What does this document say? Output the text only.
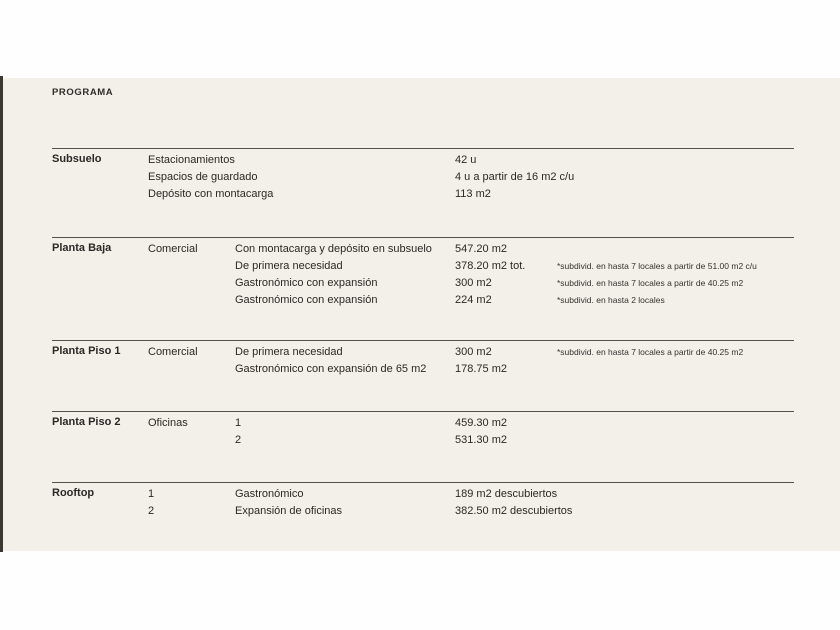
PROGRAMA
Subsuelo	Estacionamientos	42 u
Espacios de guardado	4 u a partir de 16 m2 c/u
Depósito con montacarga	113 m2
Planta Baja	Comercial	Con montacarga y depósito en subsuelo	547.20 m2
De primera necesidad	378.20 m2 tot.	*subdivid. en hasta 7 locales a partir de 51.00 m2 c/u
Gastronómico con expansión	300 m2	*subdivid. en hasta 7 locales a partir de 40.25 m2
Gastronómico con expansión	224 m2	*subdivid. en hasta 2 locales
Planta Piso 1	Comercial	De primera necesidad	300 m2	*subdivid. en hasta 7 locales a partir de 40.25 m2
Gastronómico con expansión de 65 m2	178.75 m2
Planta Piso 2	Oficinas	1	459.30 m2
2	531.30 m2
Rooftop	1	Gastronómico	189 m2 descubiertos
2	Expansión de oficinas	382.50 m2 descubiertos
